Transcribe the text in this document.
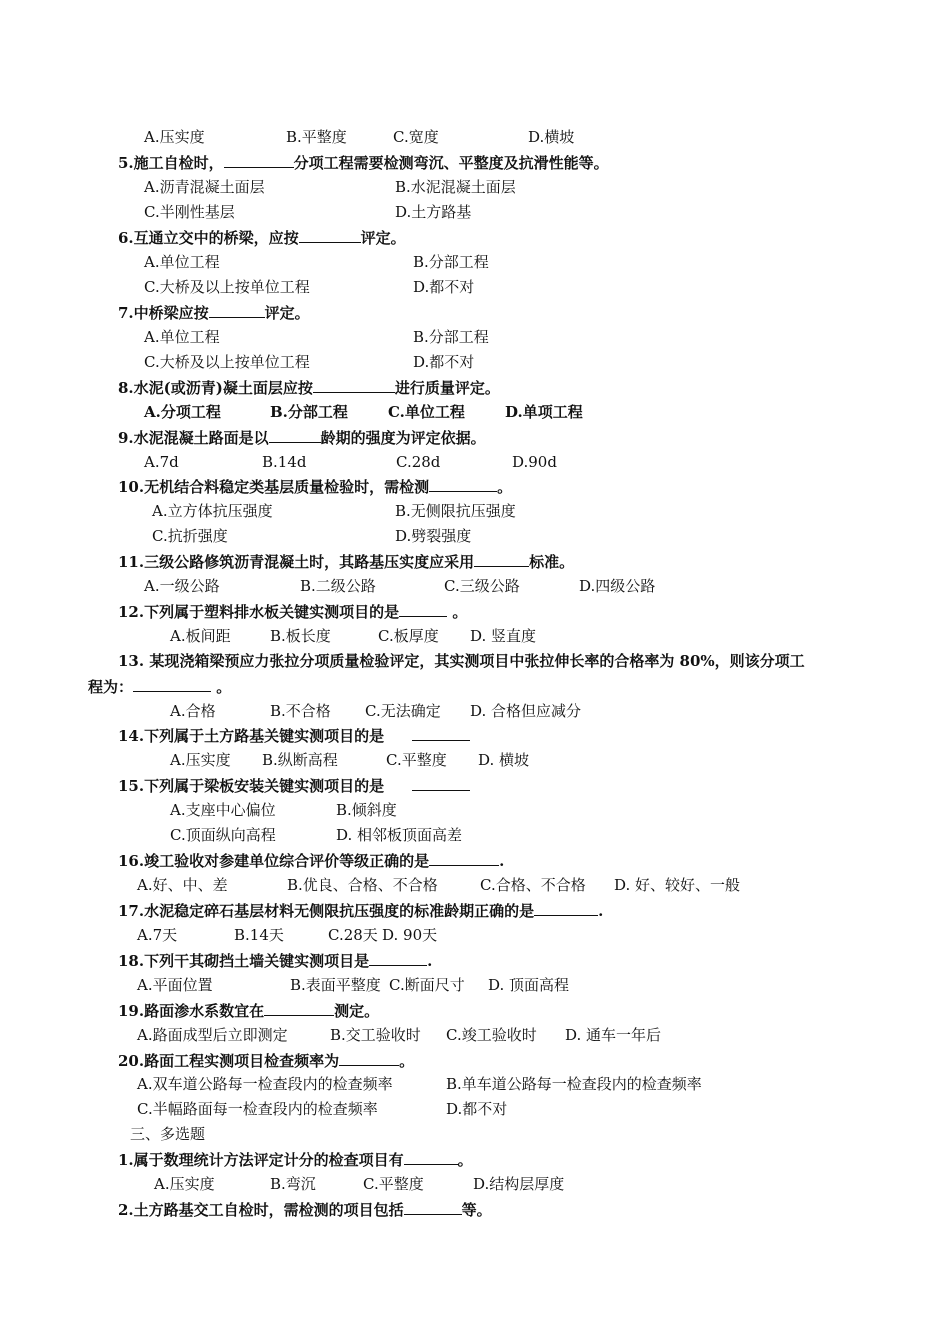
A.压实度	B.平整度	C.宽度	D.横坡
5.施工自检时，	分项工程需要检测弯沉、平整度及抗滑性能等。
A.沥青混凝土面层	B.水泥混凝土面层
C.半刚性基层	D.土方路基
6.互通立交中的桥梁，应按	评定。
A.单位工程	B.分部工程
C.大桥及以上按单位工程	D.都不对
7.中桥梁应按	评定。
A.单位工程	B.分部工程
C.大桥及以上按单位工程	D.都不对
8.水泥(或沥青)凝土面层应按	进行质量评定。
A.分项工程	B.分部工程	C.单位工程	D.单项工程
9.水泥混凝土路面是以	龄期的强度为评定依据。
A.7d	B.14d	C.28d	D.90d
10.无机结合料稳定类基层质量检验时，需检测	。
A.立方体抗压强度	B.无侧限抗压强度
C.抗折强度	D.劈裂强度
11.三级公路修筑沥青混凝土时，其路基压实度应采用	标准。
A.一级公路	B.二级公路	C.三级公路	D.四级公路
12.下列属于塑料排水板关键实测项目的是	。
A.板间距	B.板长度	C.板厚度 D. 竖直度
13. 某现浇箱梁预应力张拉分项质量检验评定，其实测项目中张拉伸长率的合格率为 80%，则该分项工
程为：	。
A.合格	B.不合格 C.无法确定 D. 合格但应减分
14.下列属于土方路基关键实测项目的是
A.压实度 B.纵断高程	C.平整度 D. 横坡
15.下列属于梁板安装关键实测项目的是
A.支座中心偏位	B.倾斜度
C.顶面纵向高程	D. 相邻板顶面高差
16.竣工验收对参建单位综合评价等级正确的是	.
A.好、中、差	B.优良、合格、不合格	C.合格、不合格 D. 好、较好、一般
17.水泥稳定碎石基层材料无侧限抗压强度的标准龄期正确的是	.
A.7天	B.14天	C.28天 D. 90天
18.下列干其砌挡土墙关键实测项目是	.
A.平面位置	B.表面平整度 C.断面尺寸 D. 顶面高程
19.路面渗水系数宜在	测定。
A.路面成型后立即测定	B.交工验收时 C.竣工验收时 D. 通车一年后
20.路面工程实测项目检查频率为	。
A.双车道公路每一检查段内的检查频率	B.单车道公路每一检查段内的检查频率
C.半幅路面每一检查段内的检查频率	D.都不对
三、多选题
1.属于数理统计方法评定计分的检查项目有	。
A.压实度	B.弯沉	C.平整度	D.结构层厚度
2.土方路基交工自检时，需检测的项目包括	等。
